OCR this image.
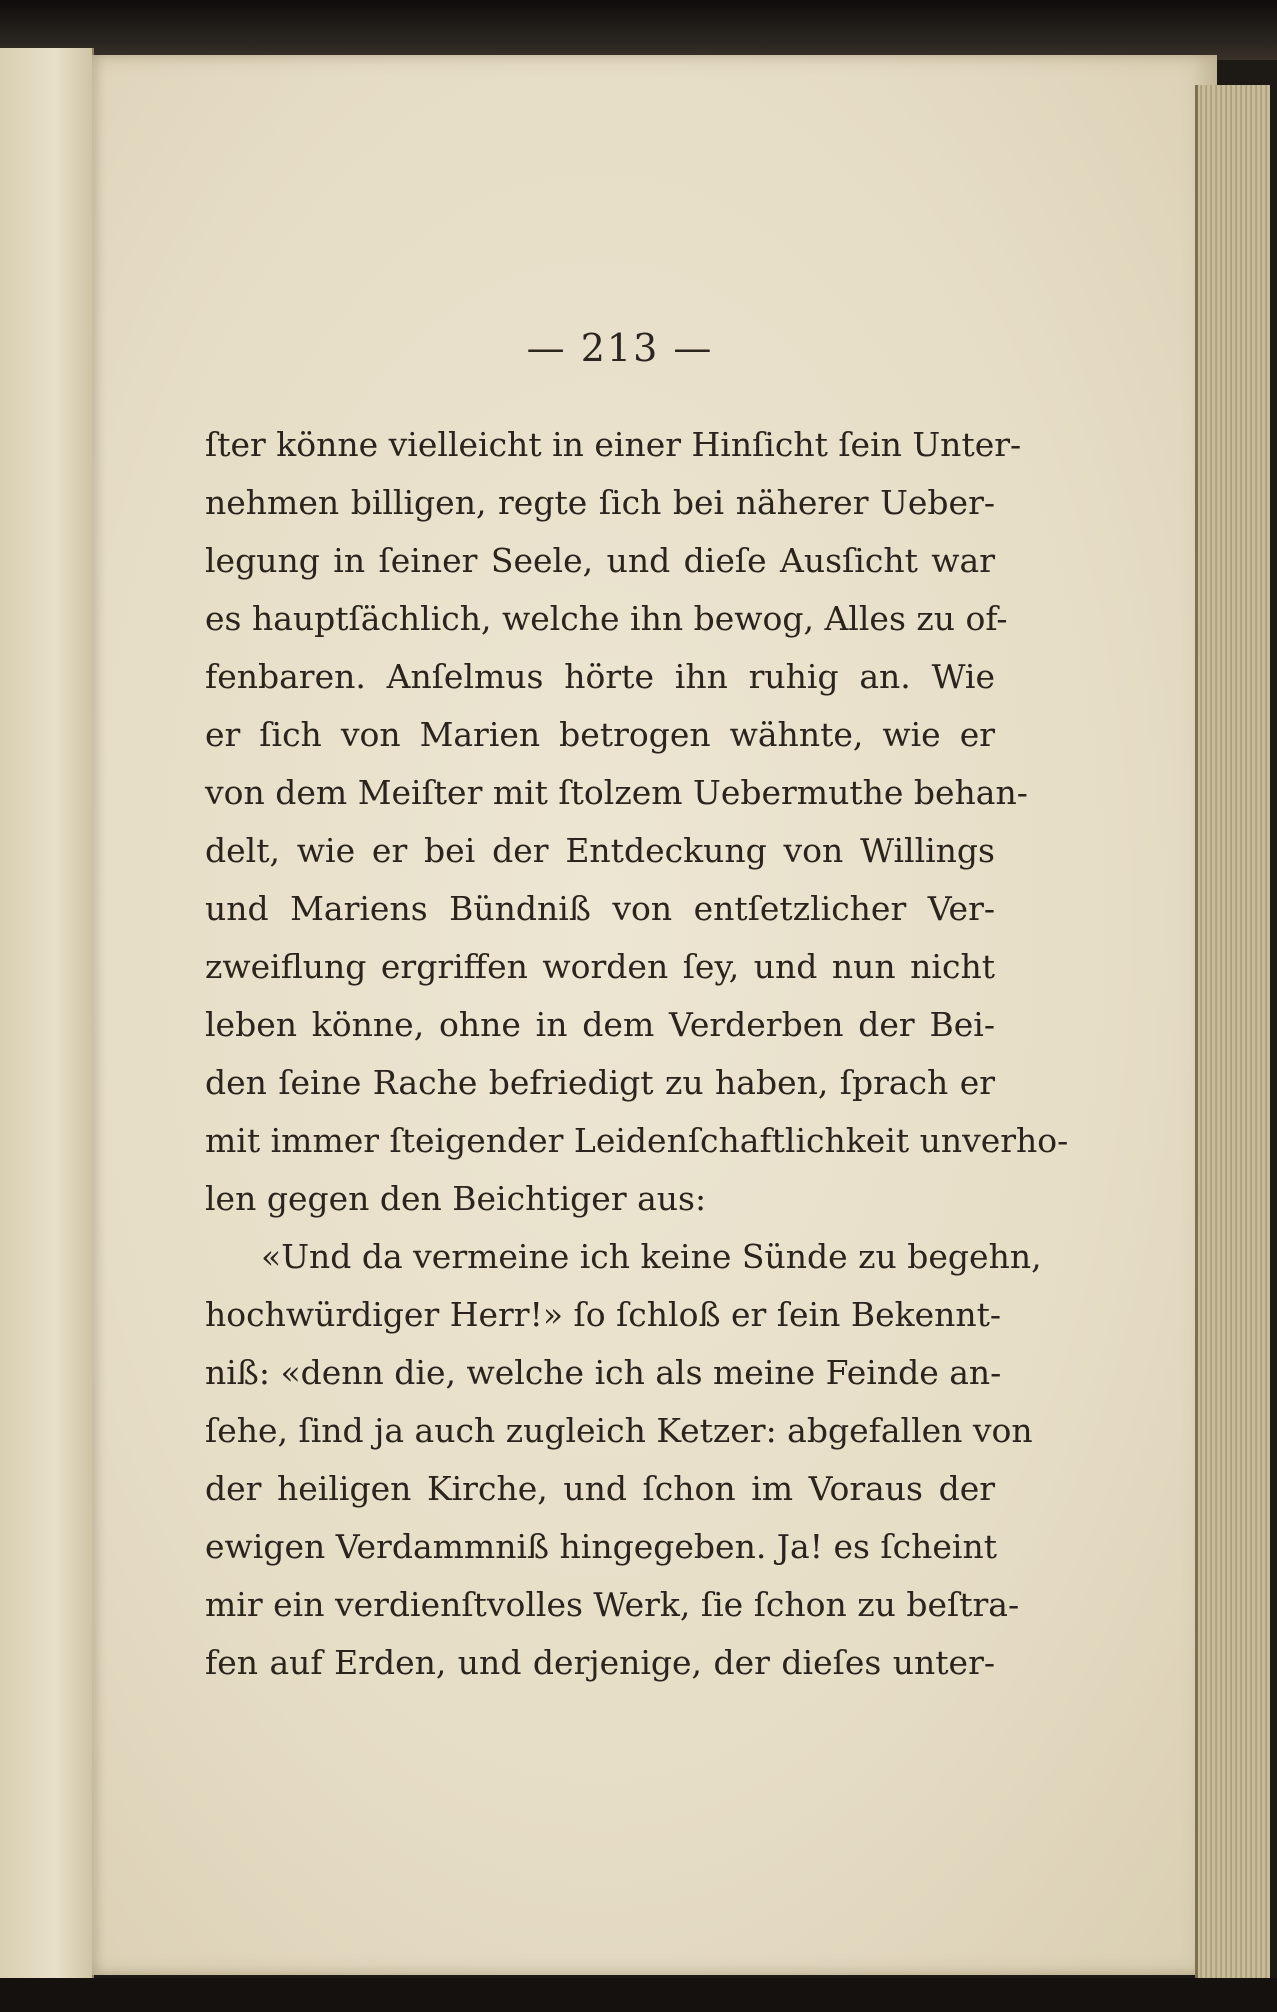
— 213 —
ſter könne vielleicht in einer Hinſicht ſein Unter-
nehmen billigen, regte ſich bei näherer Ueber-
legung in ſeiner Seele, und dieſe Ausſicht war
es hauptſächlich, welche ihn bewog, Alles zu of-
fenbaren. Anſelmus hörte ihn ruhig an. Wie
er ſich von Marien betrogen wähnte, wie er
von dem Meiſter mit ſtolzem Uebermuthe behan-
delt, wie er bei der Entdeckung von Willings
und Mariens Bündniß von entſetzlicher Ver-
zweiflung ergriffen worden ſey, und nun nicht
leben könne, ohne in dem Verderben der Bei-
den ſeine Rache befriedigt zu haben, ſprach er
mit immer ſteigender Leidenſchaftlichkeit unverho-
len gegen den Beichtiger aus:
«Und da vermeine ich keine Sünde zu begehn,
hochwürdiger Herr!» ſo ſchloß er ſein Bekennt-
niß: «denn die, welche ich als meine Feinde an-
ſehe, ſind ja auch zugleich Ketzer: abgefallen von
der heiligen Kirche, und ſchon im Voraus der
ewigen Verdammniß hingegeben. Ja! es ſcheint
mir ein verdienſtvolles Werk, ſie ſchon zu beſtra-
fen auf Erden, und derjenige, der dieſes unter-
